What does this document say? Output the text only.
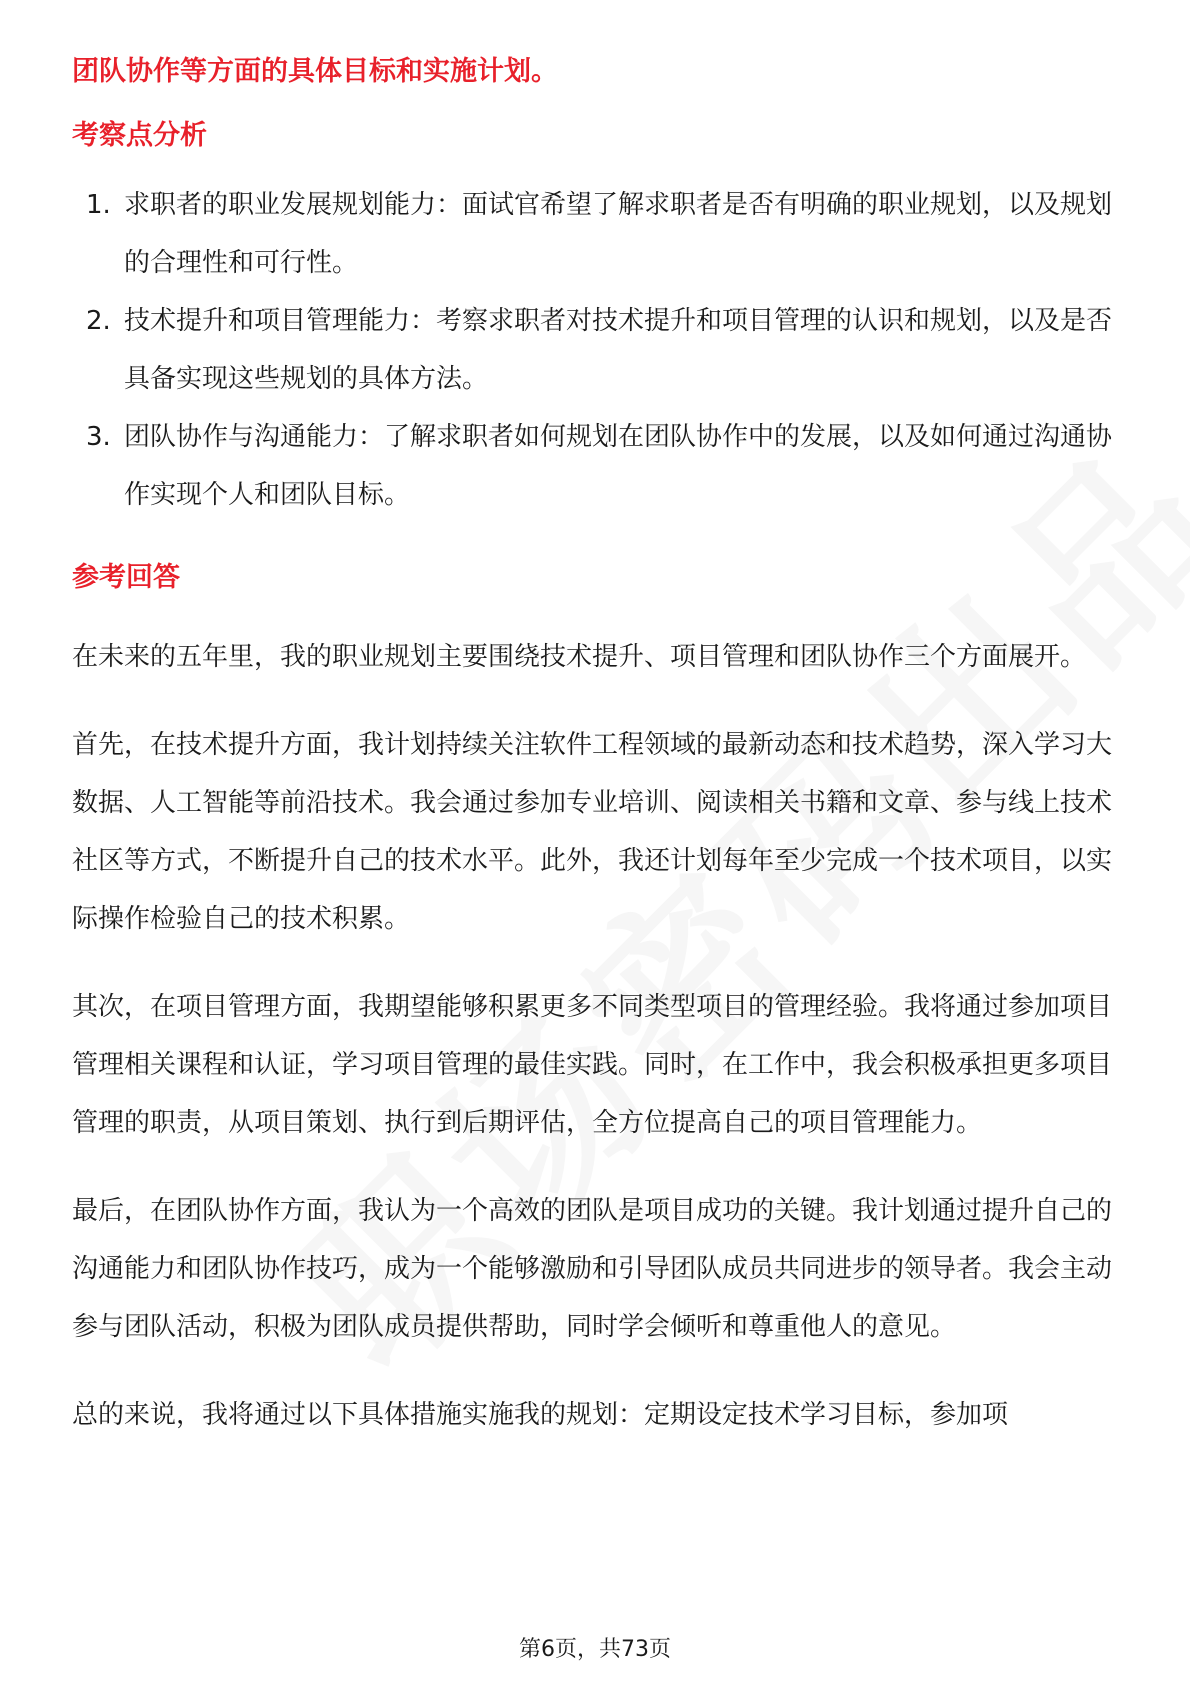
团队协作等方面的具体目标和实施计划。

考察点分析
1. 求职者的职业发展规划能力：面试官希望了解求职者是否有明确的职业规划，以及规划的合理性和可行性。
2. 技术提升和项目管理能力：考察求职者对技术提升和项目管理的认识和规划，以及是否具备实现这些规划的具体方法。
3. 团队协作与沟通能力：了解求职者如何规划在团队协作中的发展，以及如何通过沟通协作实现个人和团队目标。
参考回答

在未来的五年里，我的职业规划主要围绕技术提升、项目管理和团队协作三个方面展开。

首先，在技术提升方面，我计划持续关注软件工程领域的最新动态和技术趋势，深入学习大数据、人工智能等前沿技术。我会通过参加专业培训、阅读相关书籍和文章、参与线上技术社区等方式，不断提升自己的技术水平。此外，我还计划每年至少完成一个技术项目，以实际操作检验自己的技术积累。

其次，在项目管理方面，我期望能够积累更多不同类型项目的管理经验。我将通过参加项目管理相关课程和认证，学习项目管理的最佳实践。同时，在工作中，我会积极承担更多项目管理的职责，从项目策划、执行到后期评估，全方位提高自己的项目管理能力。

最后，在团队协作方面，我认为一个高效的团队是项目成功的关键。我计划通过提升自己的沟通能力和团队协作技巧，成为一个能够激励和引导团队成员共同进步的领导者。我会主动参与团队活动，积极为团队成员提供帮助，同时学会倾听和尊重他人的意见。

总的来说，我将通过以下具体措施实施我的规划：定期设定技术学习目标，参加项

第6页，共73页
